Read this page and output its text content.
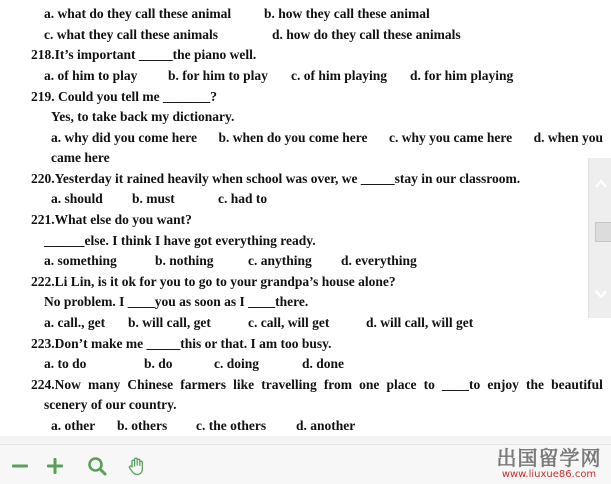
a. what do they call these animal b. how they call these animal
c. what they call these animals	d. how do they call these animals
218.It’s important _____the piano well.
a. of him to play b. for him to play c. of him playing d. for him playing
219. Could you tell me _______?
Yes, to take back my dictionary.
a. why did you come here b. when do you come here c. why you came here d. when you
came here
220.Yesterday it rained heavily when school was over, we _____stay in our classroom.
a. should b. must	c. had to
221.What else do you want?
______else. I think I have got everything ready.
a. something	b. nothing	c. anything d. everything
222.Li Lin, is it ok for you to go to your grandpa’s house alone?
No problem. I ____you as soon as I ____there.
a. call., get b. will call, get	c. call, will get	d. will call, will get
223.Don’t make me _____this or that. I am too busy.
a. to do	b. do	c. doing	d. done
224.Now many Chinese farmers like travelling from one place to ____to enjoy the beautiful
scenery of our country.
a. other b. others c. the others d. another
出国留学网
www.liuxue86.com
